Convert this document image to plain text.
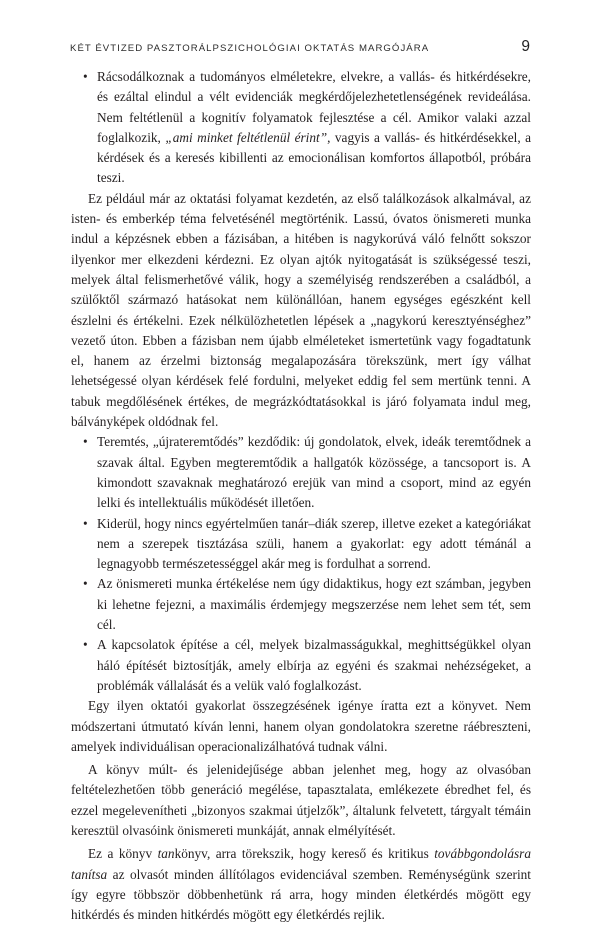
KÉT ÉVTIZED PASZTORÁLPSZICHOLÓGIAI OKTATÁS MARGÓJÁRA	9
• Rácsodálkoznak a tudományos elméletekre, elvekre, a vallás- és hitkérdésekre, és ezáltal elindul a vélt evidenciák megkérdőjelezhetetlenségének revideálása. Nem feltétlenül a kognitív folyamatok fejlesztése a cél. Amikor valaki azzal foglalkozik, „ami minket feltétlenül érint”, vagyis a vallás- és hitkérdésekkel, a kérdések és a keresés kibillenti az emocionálisan komfortos állapotból, próbára teszi.

Ez például már az oktatási folyamat kezdetén, az első találkozások alkalmával, az isten- és emberkép téma felvetésénél megtörténik. Lassú, óvatos önismereti munka indul a képzésnek ebben a fázisában, a hitében is nagykorúvá váló felnőtt sokszor ilyenkor mer elkezdeni kérdezni. Ez olyan ajtók nyitogatását is szükségessé teszi, melyek által felismerhetővé válik, hogy a személyiség rendszerében a családból, a szülőktől származó hatásokat nem különállóan, hanem egységes egészként kell észlelni és értékelni. Ezek nélkülözhetetlen lépések a „nagykorú keresztyénséghez” vezető úton. Ebben a fázisban nem újabb elméleteket ismertetünk vagy fogadtatunk el, hanem az érzelmi biztonság megalapozására törekszünk, mert így válhat lehetségessé olyan kérdések felé fordulni, melyeket eddig fel sem mertünk tenni. A tabuk megdőlésének értékes, de megrázkódtatásokkal is járó folyamata indul meg, bálványképek oldódnak fel.

• Teremtés, „újrateremtődés” kezdődik: új gondolatok, elvek, ideák teremtődnek a szavak által. Egyben megteremtődik a hallgatók közössége, a tancsoport is. A kimondott szavaknak meghatározó erejük van mind a csoport, mind az egyén lelki és intellektuális működését illetően.
• Kiderül, hogy nincs egyértelműen tanár–diák szerep, illetve ezeket a kategóriákat nem a szerepek tisztázása szüli, hanem a gyakorlat: egy adott témánál a legnagyobb természetességgel akár meg is fordulhat a sorrend.
• Az önismereti munka értékelése nem úgy didaktikus, hogy ezt számban, jegyben ki lehetne fejezni, a maximális érdemjegy megszerzése nem lehet sem tét, sem cél.
• A kapcsolatok építése a cél, melyek bizalmasságukkal, meghittségükkel olyan háló építését biztosítják, amely elbírja az egyéni és szakmai nehézségeket, a problémák vállalását és a velük való foglalkozást.

Egy ilyen oktatói gyakorlat összegzésének igénye íratta ezt a könyvet. Nem módszertani útmutató kíván lenni, hanem olyan gondolatokra szeretne ráébreszteni, amelyek individuálisan operacionalizálhatóvá tudnak válni.

A könyv múlt- és jelenidejűsége abban jelenhet meg, hogy az olvasóban feltételezhetően több generáció megélése, tapasztalata, emlékezete ébredhet fel, és ezzel megelevenítheti „bizonyos szakmai útjelzők”, általunk felvetett, tárgyalt témáin keresztül olvasóink önismereti munkáját, annak elmélyítését.

Ez a könyv tankönyv, arra törekszik, hogy kereső és kritikus továbbgondolásra tanítsa az olvasót minden állítólagos evidenciával szemben. Reménységünk szerint így egyre többször döbbenhetünk rá arra, hogy minden életkérdés mögött egy hitkérdés és minden hitkérdés mögött egy életkérdés rejlik.
